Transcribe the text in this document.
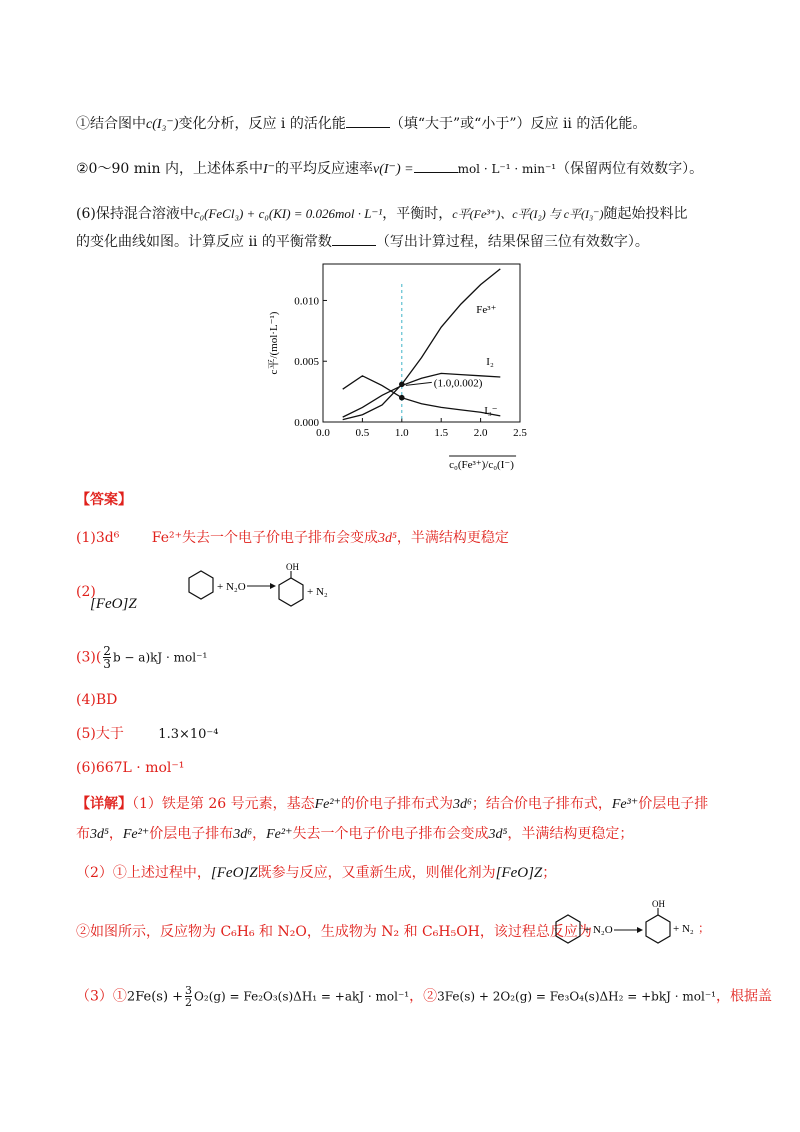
①结合图中c(I₃⁻)变化分析，反应 i 的活化能	（填“大于”或“小于”）反应 ii 的活化能。
②0～90 min 内，上述体系中I⁻的平均反应速率v(I⁻) =	mol · L⁻¹ · min⁻¹（保留两位有效数字）。
(6)保持混合溶液中c₀(FeCl₃) + c₀(KI) = 0.026mol · L⁻¹，平衡时，c平(Fe³⁺)、c平(I₂) 与 c平(I₃⁻)随起始投料比
的变化曲线如图。计算反应 ii 的平衡常数	（写出计算过程，结果保留三位有效数字）。
0.0 0.5 1.0 1.5 2.0 2.5
0.000
0.005
0.010
c平/(mol·L⁻¹)
c₀(Fe³⁺)/c₀(I⁻)
Fe³⁺
I₂
I₃⁻
(1.0,0.002)
【答案】
(1)3d⁶ Fe²⁺失去一个电子价电子排布会变成3d⁵，半满结构更稳定
(2)
[FeO]Z
+ N₂O
OH
+ N₂
$(3)( \frac{2}{3}$ b − a)kJ · mol⁻¹
(4)BD
(5)大于	1.3×10⁻⁴
(6)667L · mol⁻¹
【详解】（1）铁是第 26 号元素，基态Fe²⁺的价电子排布式为3d⁶；结合价电子排布式，Fe³⁺价层电子排
布3d⁵，Fe²⁺价层电子排布3d⁶，Fe²⁺失去一个电子价电子排布会变成3d⁵，半满结构更稳定；
（2）①上述过程中，[FeO]Z既参与反应，又重新生成，则催化剂为[FeO]Z；
②如图所示，反应物为 C₆H₆ 和 N₂O，生成物为 N₂ 和 C₆H₅OH，该过程总反应为
+ N₂O
OH
+ N₂ ；
（3）①2Fe(s) + $\frac{3}{2} O_2(g) = Fe_2O_3(s)\Delta H_1 = +akJ \cdot mol^{-1}$，②3Fe(s) + 2O₂(g) = Fe₃O₄(s)ΔH₂ = +bkJ · mol⁻¹，根据盖
